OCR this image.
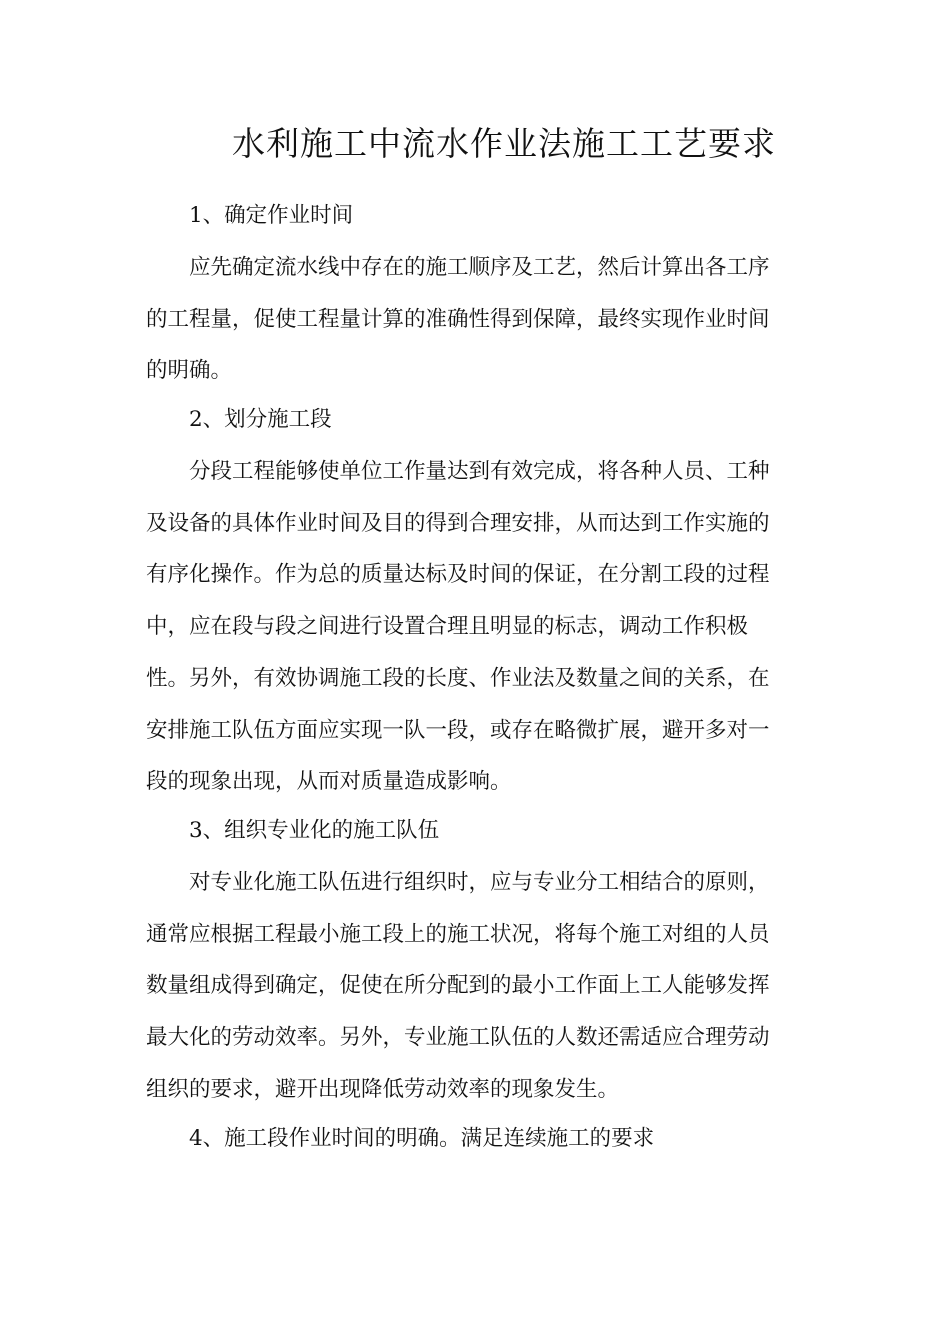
水利施工中流水作业法施工工艺要求

1、确定作业时间

应先确定流水线中存在的施工顺序及工艺，然后计算出各工序
的工程量，促使工程量计算的准确性得到保障，最终实现作业时间
的明确。

2、划分施工段

分段工程能够使单位工作量达到有效完成，将各种人员、工种
及设备的具体作业时间及目的得到合理安排，从而达到工作实施的
有序化操作。作为总的质量达标及时间的保证，在分割工段的过程
中，应在段与段之间进行设置合理且明显的标志，调动工作积极
性。另外，有效协调施工段的长度、作业法及数量之间的关系，在
安排施工队伍方面应实现一队一段，或存在略微扩展，避开多对一
段的现象出现，从而对质量造成影响。

3、组织专业化的施工队伍

对专业化施工队伍进行组织时，应与专业分工相结合的原则，
通常应根据工程最小施工段上的施工状况，将每个施工对组的人员
数量组成得到确定，促使在所分配到的最小工作面上工人能够发挥
最大化的劳动效率。另外，专业施工队伍的人数还需适应合理劳动
组织的要求，避开出现降低劳动效率的现象发生。

4、施工段作业时间的明确。满足连续施工的要求
